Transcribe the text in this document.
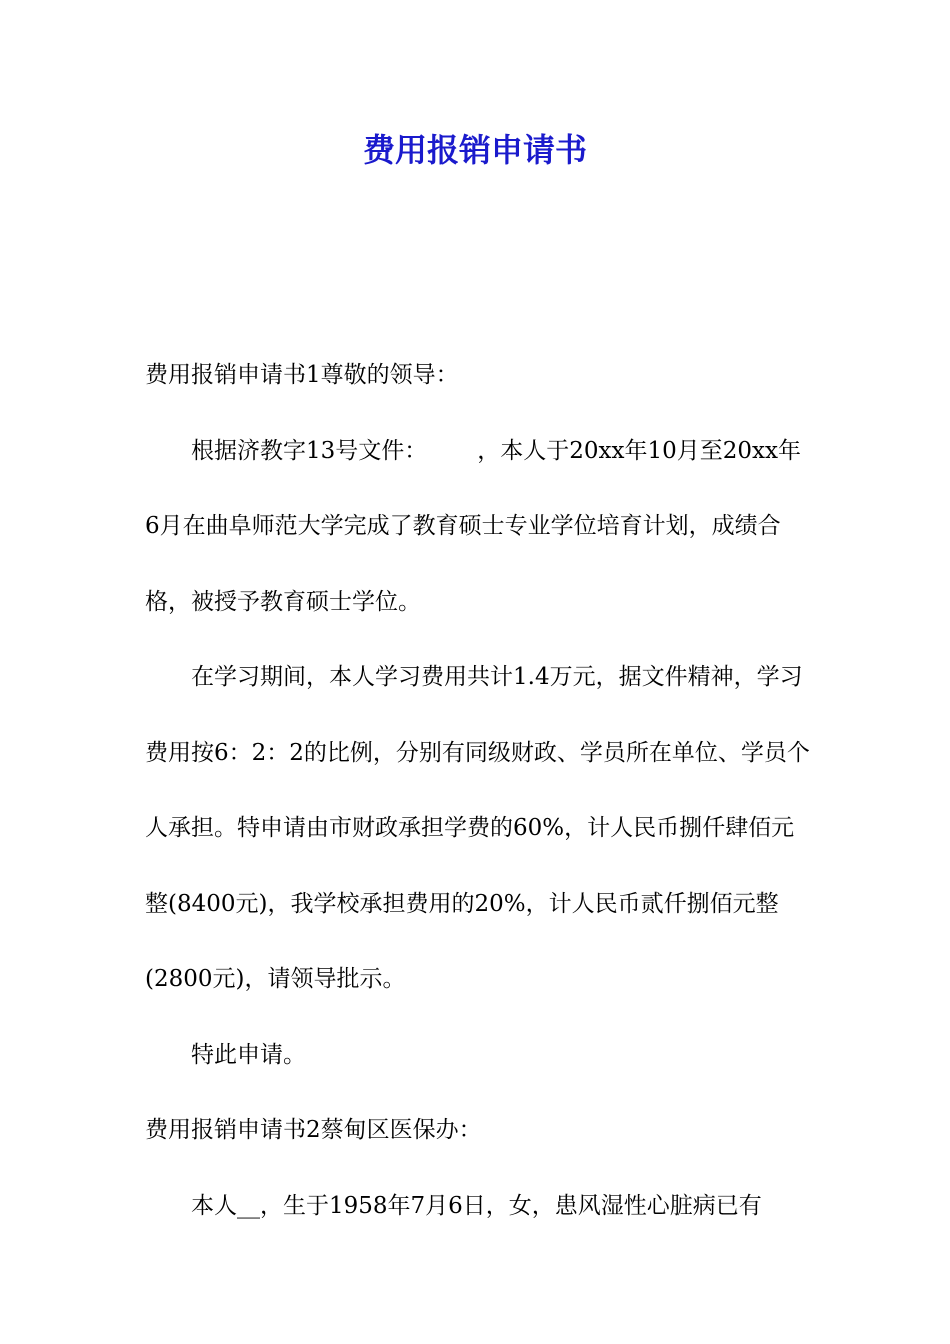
费用报销申请书

费用报销申请书1尊敬的领导：

根据济教字13号文件： ，本人于20xx年10月至20xx年6月在曲阜师范大学完成了教育硕士专业学位培育计划，成绩合格，被授予教育硕士学位。

在学习期间，本人学习费用共计1.4万元，据文件精神，学习费用按6：2：2的比例，分别有同级财政、学员所在单位、学员个人承担。特申请由市财政承担学费的60%，计人民币捌仟肆佰元整(8400元)，我学校承担费用的20%，计人民币贰仟捌佰元整(2800元)，请领导批示。

特此申请。

费用报销申请书2蔡甸区医保办：

本人__，生于1958年7月6日，女，患风湿性心脏病已有
